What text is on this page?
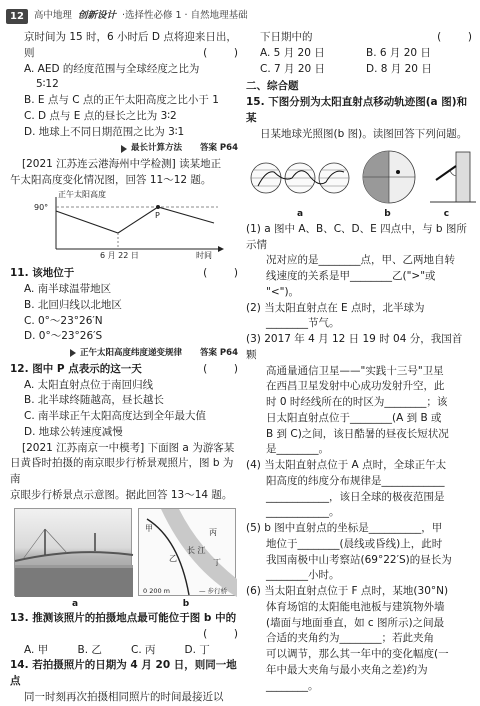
12	高中地理 创新设计 ·选择性必修 1 · 自然地理基础
京时间为 15 时，6 小时后 D 点将迎来日出，
则	(        )
A. AED 的经度范围与全球经度之比为
5∶12
B. E 点与 C 点的正午太阳高度之比小于 1
C. D 点与 E 点的昼长之比为 3∶2
D. 地球上不同日期范围之比为 3∶1
最长计算方法 答案 P64
[2021 江苏连云港海州中学检测] 读某地正
午太阳高度变化情况图，回答 11～12 题。
正午太阳高度
90°
P
6 月 22 日	时间
11. 该地位于	(        )
A. 南半球温带地区
B. 北回归线以北地区
C. 0°～23°26′N
D. 0°～23°26′S
正午太阳高度纬度递变规律 答案 P64
12. 图中 P 点表示的这一天	(        )
A. 太阳直射点位于南回归线
B. 北半球终随越高，昼长越长
C. 南半球正午太阳高度达到全年最大值
D. 地球公转速度减慢
[2021 江苏南京一中模考] 下面图 a 为游客某
日黄昏时拍摄的南京眼步行桥景观照片，图 b 为南
京眼步行桥景点示意图。据此回答 13～14 题。
长 江
甲
乙
丙
丁
0 200 m	— 步行桥
a	b
13. 推测该照片的拍摄地点最可能位于图 b 中的
(        )
A. 甲	B. 乙	C. 丙	D. 丁
14. 若拍摄照片的日期为 4 月 20 日，则同一地点
同一时刻再次拍摄相同照片的时间最接近以
下日期中的	(        )
A. 5 月 20 日	B. 6 月 20 日
C. 7 月 20 日	D. 8 月 20 日
二、综合题
15. 下图分别为太阳直射点移动轨迹图(a 图)和某
日某地球光照图(b 图)。读图回答下列问题。
a	b	c
(1) a 图中 A、B、C、D、E 四点中，与 b 图所示情
况对应的是________点，甲、乙两地自转
线速度的关系是甲________乙(">"或
"<")。
(2) 当太阳直射点在 E 点时，北半球为
________节气。
(3) 2017 年 4 月 12 日 19 时 04 分，我国首颗
高通量通信卫星——"实践十三号"卫星
在西昌卫星发射中心成功发射升空，此
时 0 时经线所在的时区为________；该
日太阳直射点位于________(A 到 B 或
B 到 C)之间，该日酷暑的昼夜长短状况
是________。
(4) 当太阳直射点位于 A 点时，全球正午太
阳高度的纬度分布规律是____________
____________，该日全球的极夜范围是
____________。
(5) b 图中直射点的坐标是__________，甲
地位于________(晨线或昏线)上，此时
我国南极中山考察站(69°22′S)的昼长为
________小时。
(6) 当太阳直射点位于 F 点时，某地(30°N)
体育场馆的太阳能电池板与建筑物外墙
(墙面与地面垂直，如 c 图所示)之间最
合适的夹角约为________；若此夹角
可以调节，那么其一年中的变化幅度(一
年中最大夹角与最小夹角之差)约为
________。
